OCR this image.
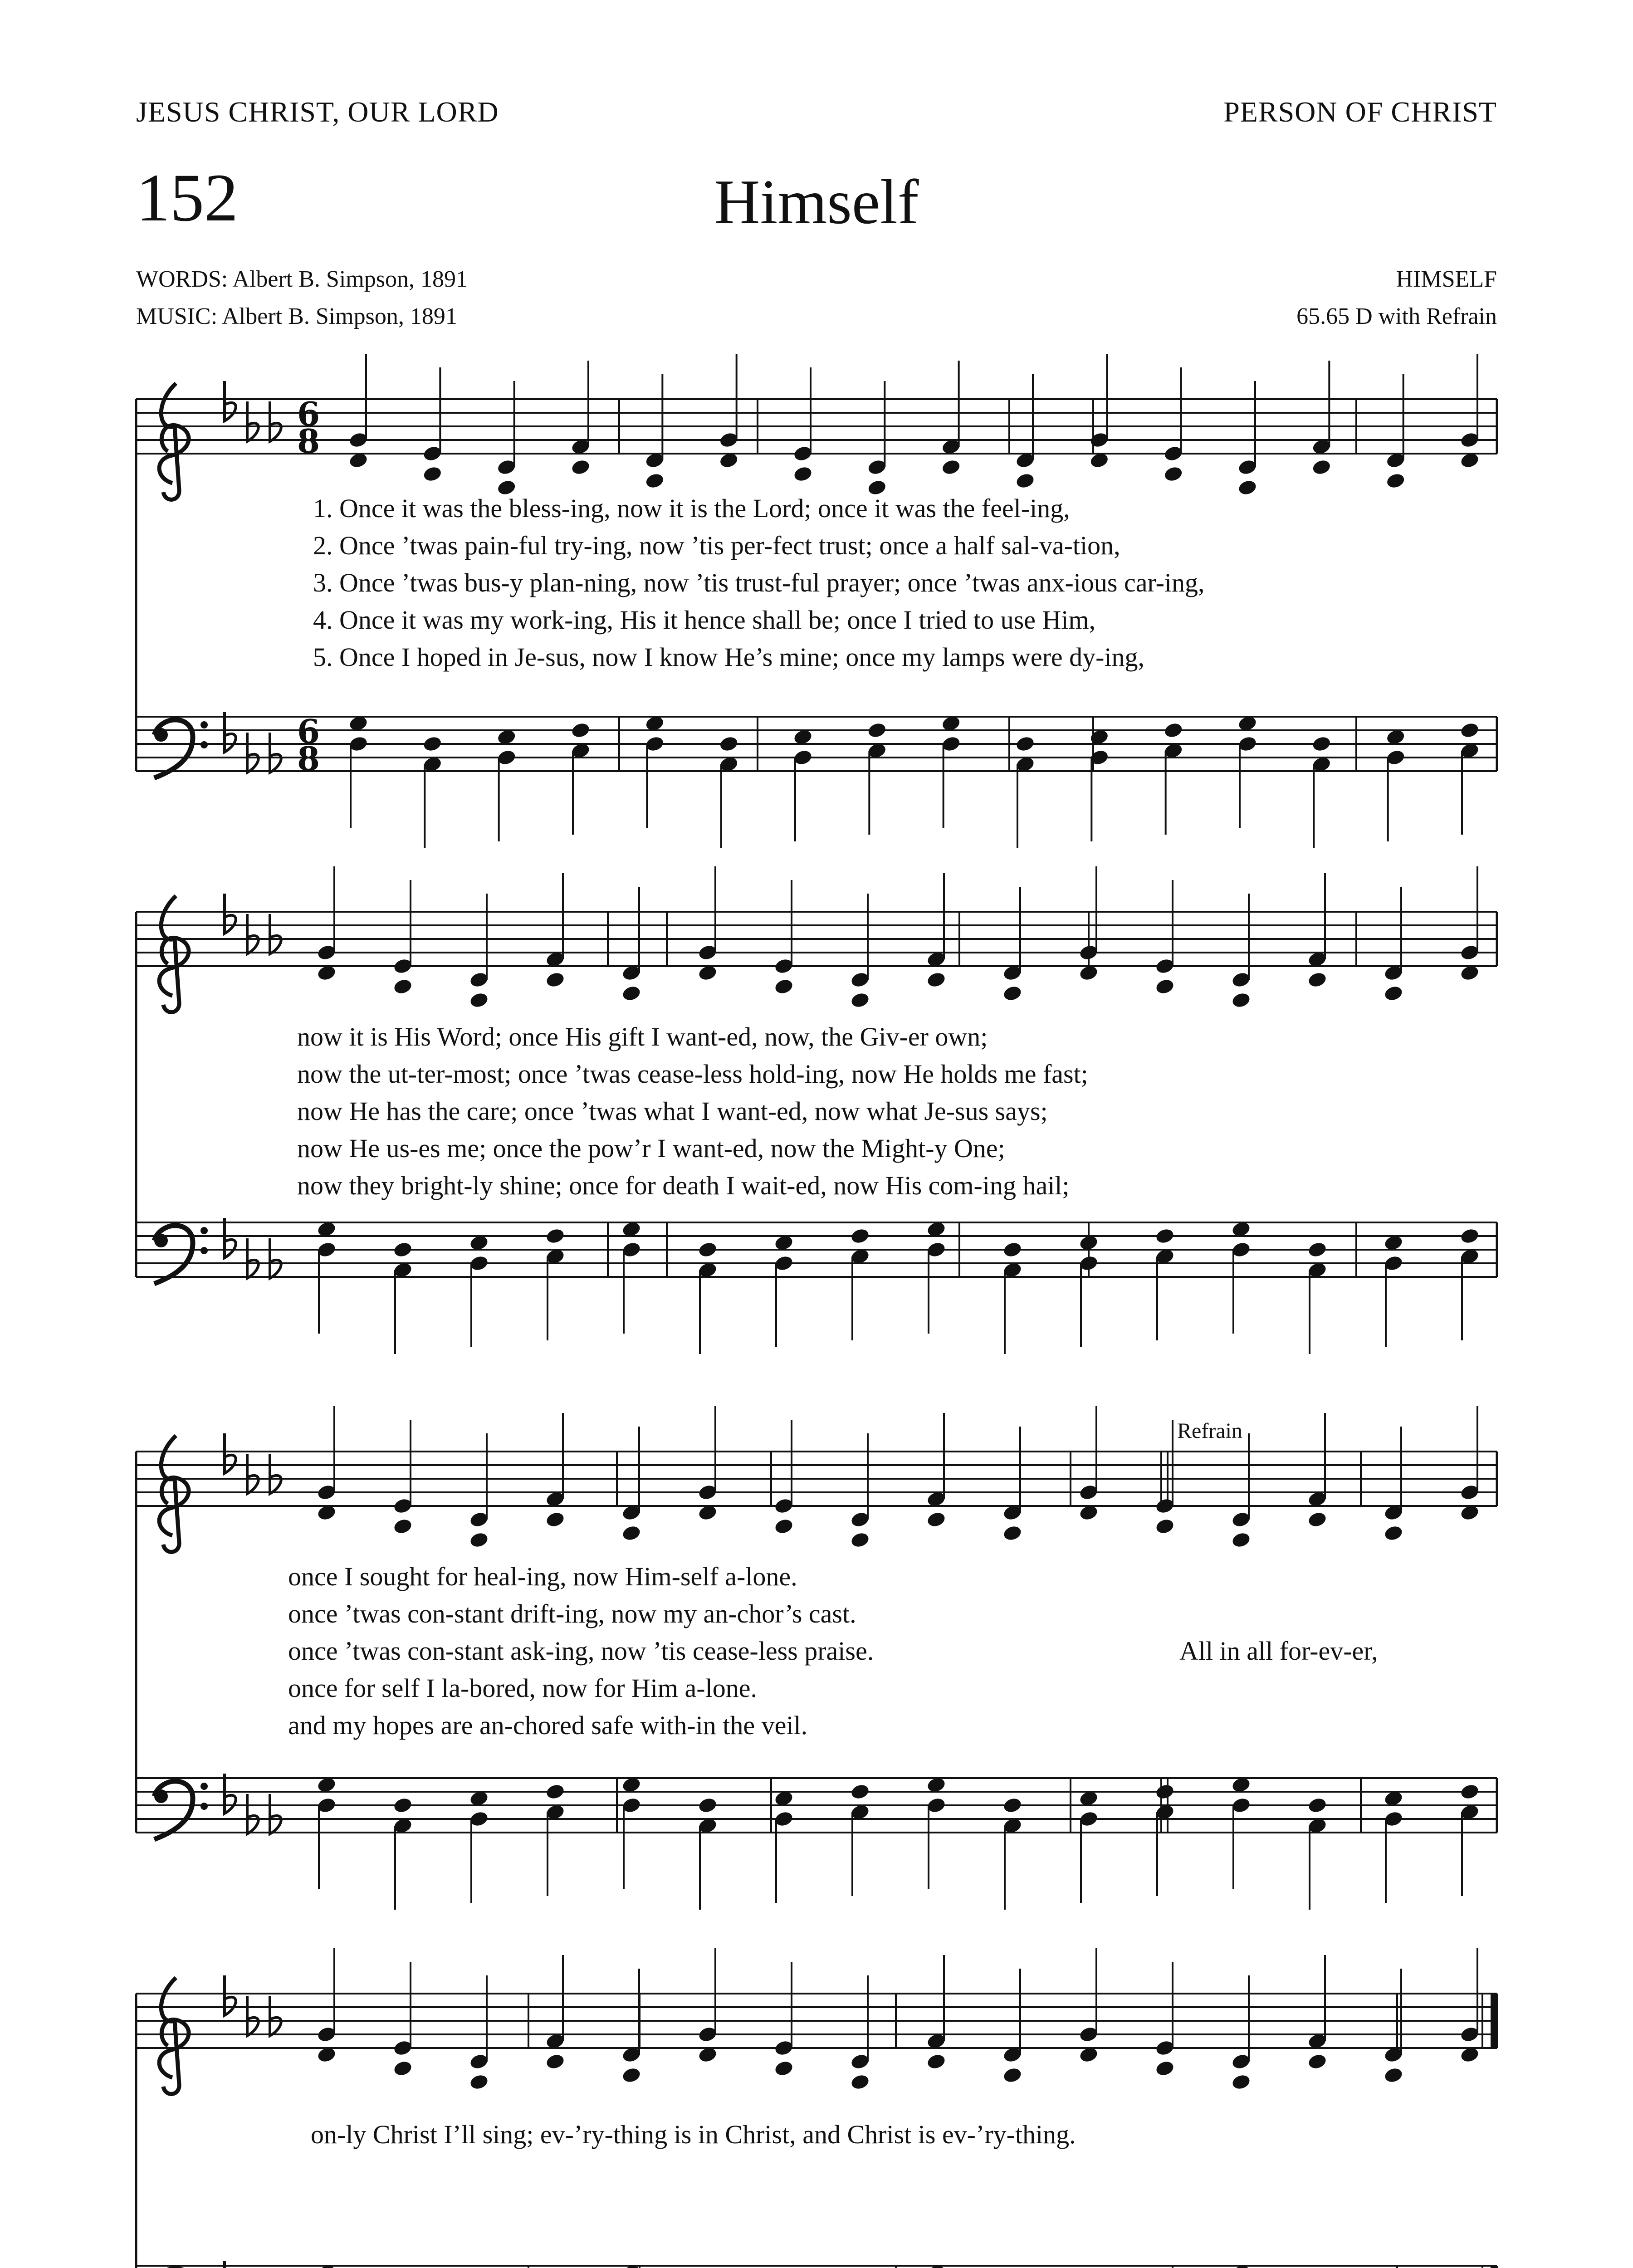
JESUS CHRIST, OUR LORD	PERSON OF CHRIST
152	Himself
WORDS: Albert B. Simpson, 1891
MUSIC: Albert B. Simpson, 1891
HIMSELF
65.65 D with Refrain
6
8
6
8
1. Once it was the bless-ing, now it is the Lord; once it was the feel-ing,
2. Once ’twas pain-ful try-ing, now ’tis per-fect trust; once a half sal-va-tion,
3. Once ’twas bus-y plan-ning, now ’tis trust-ful prayer; once ’twas anx-ious car-ing,
4. Once it was my work-ing, His it hence shall be; once I tried to use Him,
5. Once I hoped in Je-sus, now I know He’s mine; once my lamps were dy-ing,
now it is His Word; once His gift I want-ed, now, the Giv-er own;
now the ut-ter-most; once ’twas cease-less hold-ing, now He holds me fast;
now He has the care; once ’twas what I want-ed, now what Je-sus says;
now He us-es me; once the pow’r I want-ed, now the Might-y One;
now they bright-ly shine; once for death I wait-ed, now His com-ing hail;
once I sought for heal-ing, now Him-self a-lone.
once ’twas con-stant drift-ing, now my an-chor’s cast.
once ’twas con-stant ask-ing, now ’tis cease-less praise.
once for self I la-bored, now for Him a-lone.
and my hopes are an-chored safe with-in the veil.
All in all for-ev-er,
Refrain
on-ly Christ I’ll sing; ev-’ry-thing is in Christ, and Christ is ev-’ry-thing.
